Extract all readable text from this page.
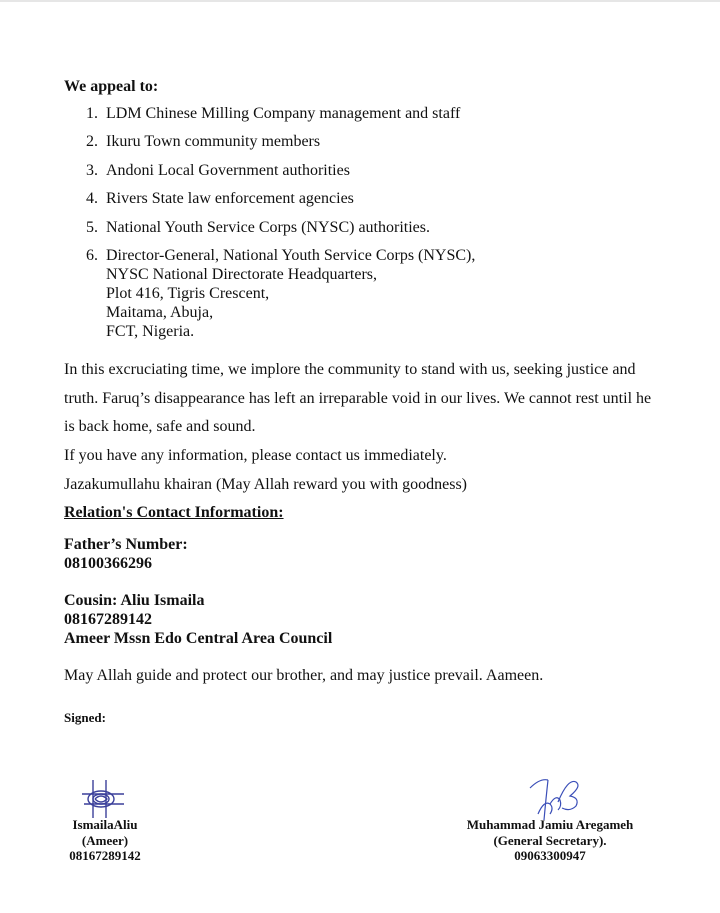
We appeal to:
1. LDM Chinese Milling Company management and staff
2. Ikuru Town community members
3. Andoni Local Government authorities
4. Rivers State law enforcement agencies
5. National Youth Service Corps (NYSC) authorities.
6. Director-General, National Youth Service Corps (NYSC),
NYSC National Directorate Headquarters,
Plot 416, Tigris Crescent,
Maitama, Abuja,
FCT, Nigeria.
In this excruciating time, we implore the community to stand with us, seeking justice and truth. Faruq’s disappearance has left an irreparable void in our lives. We cannot rest until he is back home, safe and sound.
If you have any information, please contact us immediately.
Jazakumullahu khairan (May Allah reward you with goodness)
Relation's Contact Information:
Father’s Number:
08100366296
Cousin: Aliu Ismaila
08167289142
Ameer Mssn Edo Central Area Council
May Allah guide and protect our brother, and may justice prevail. Aameen.
Signed:
IsmailaAliu
(Ameer)
08167289142
Muhammad Jamiu Aregameh
(General Secretary).
09063300947
